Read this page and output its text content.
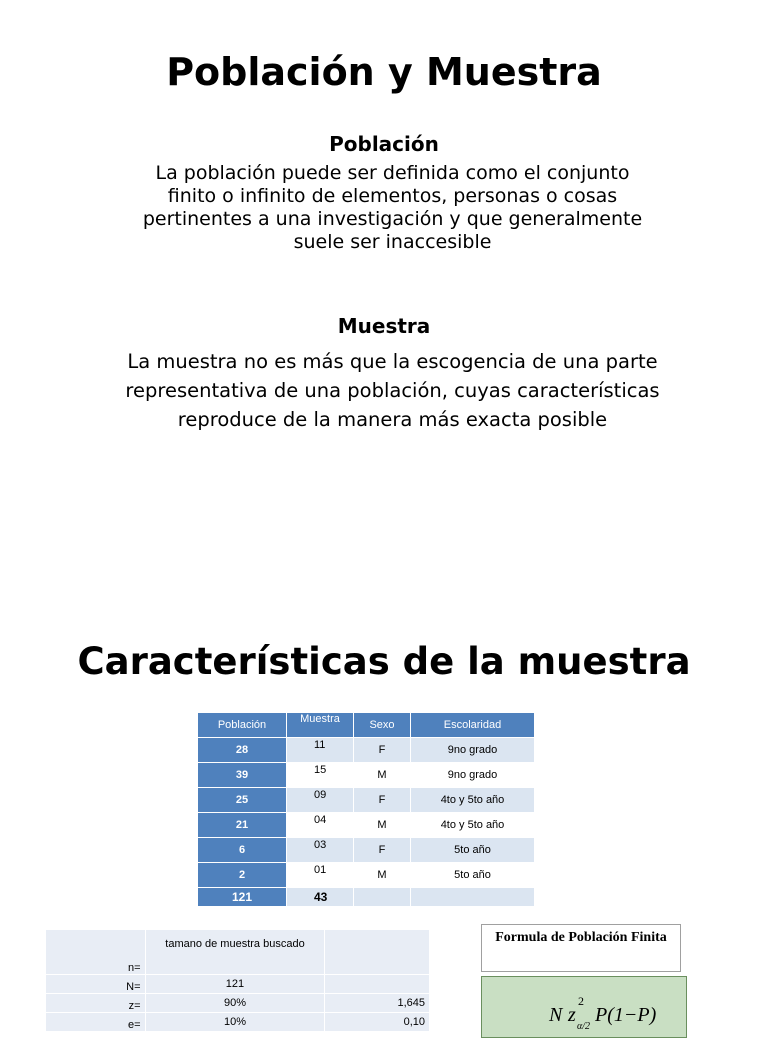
Población y Muestra
Población
La población puede ser definida como el conjunto finito o infinito de elementos, personas o cosas pertinentes a una investigación y que generalmente suele ser inaccesible
Muestra
La muestra no es más que la escogencia de una parte representativa de una población, cuyas características reproduce de la manera más exacta posible
Características de la muestra
Población	Muestra	Sexo	Escolaridad
28	11	F	9no grado
39	15	M	9no grado
25	09	F	4to y 5to año
21	04	M	4to y 5to año
6	03	F	5to año
2	01	M	5to año
121	43		
n=	tamano de muestra buscado	
N=	121	
z=	90%	1,645
e=	10%	0,10
Formula de Población Finita
N z
2
α/2
P(1−P)
